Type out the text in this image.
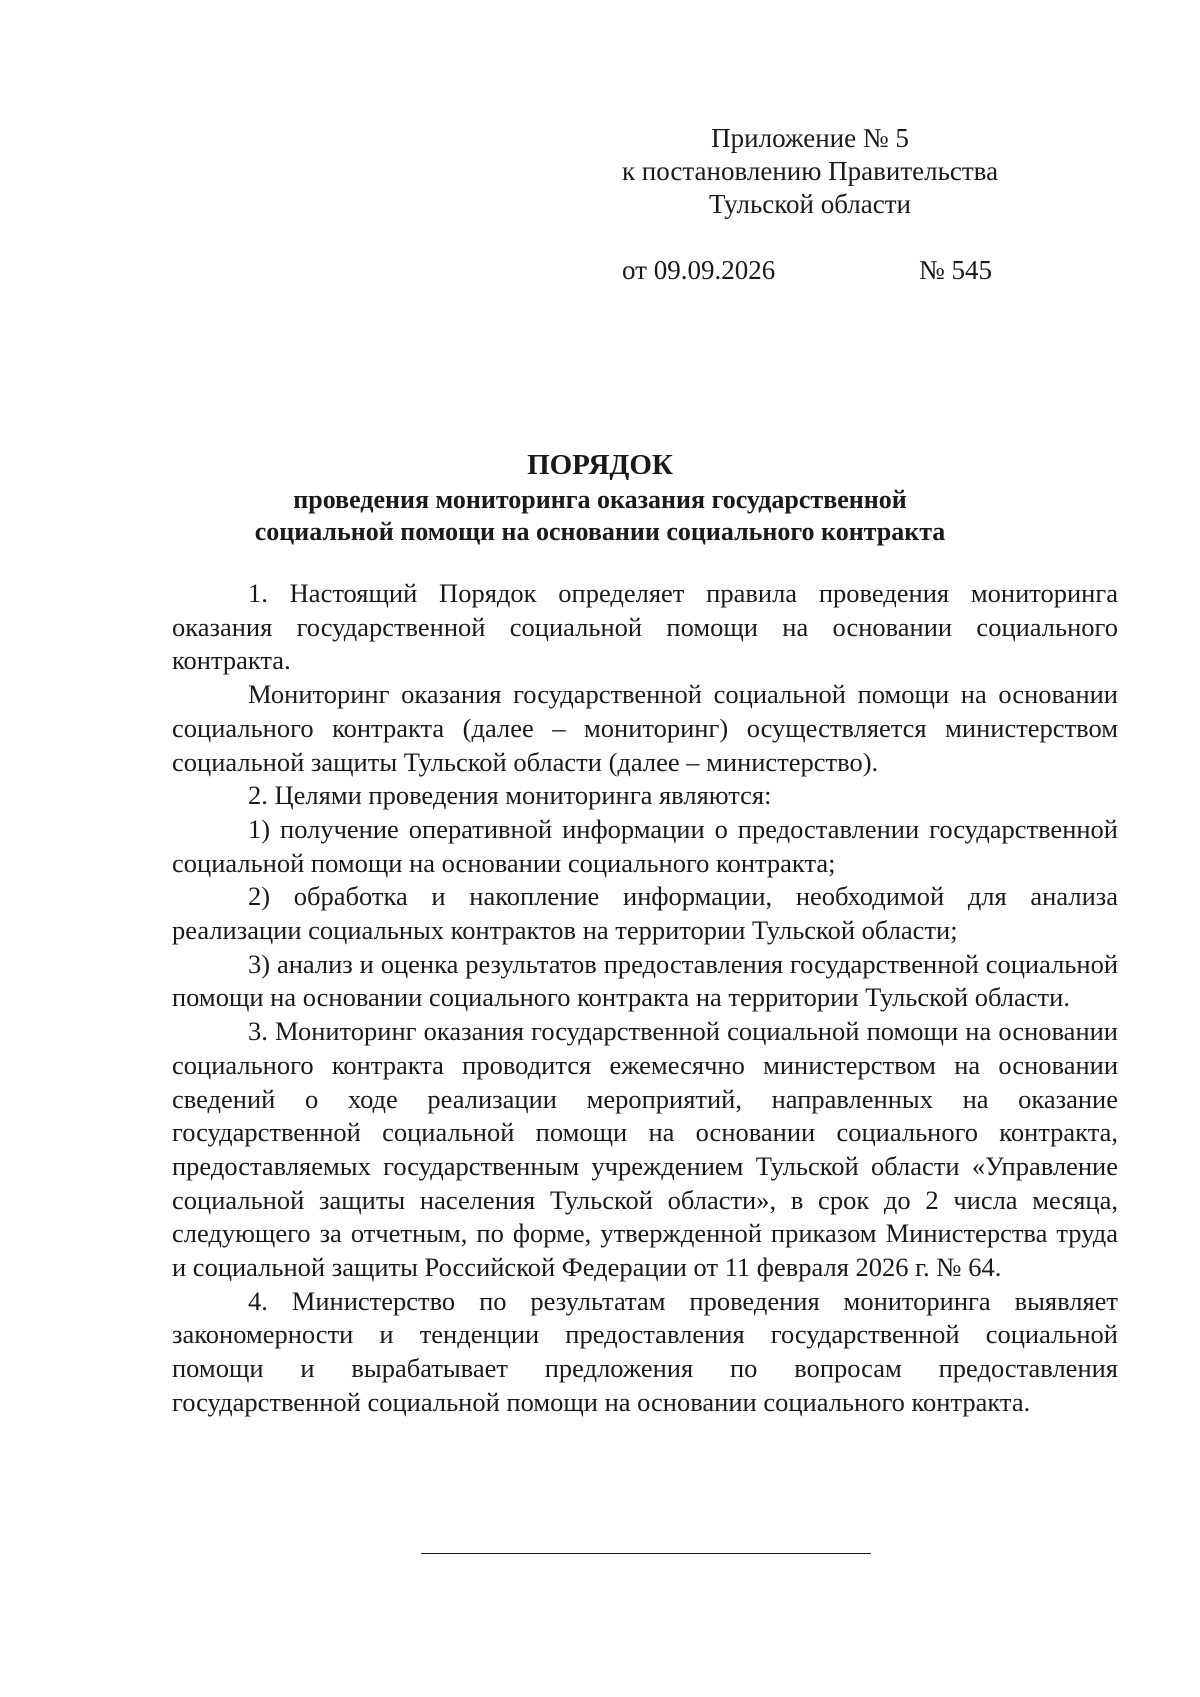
Приложение № 5
к постановлению Правительства
Тульской области
от 09.09.2026	№ 545
ПОРЯДОК
проведения мониторинга оказания государственной
социальной помощи на основании социального контракта

1. Настоящий Порядок определяет правила проведения мониторинга оказания государственной социальной помощи на основании социального контракта.

Мониторинг оказания государственной социальной помощи на основании социального контракта (далее – мониторинг) осуществляется министерством социальной защиты Тульской области (далее – министерство).

2. Целями проведения мониторинга являются:

1) получение оперативной информации о предоставлении государственной социальной помощи на основании социального контракта;

2) обработка и накопление информации, необходимой для анализа реализации социальных контрактов на территории Тульской области;

3) анализ и оценка результатов предоставления государственной социальной помощи на основании социального контракта на территории Тульской области.

3. Мониторинг оказания государственной социальной помощи на основании социального контракта проводится ежемесячно министерством на основании сведений о ходе реализации мероприятий, направленных на оказание государственной социальной помощи на основании социального контракта, предоставляемых государственным учреждением Тульской области «Управление социальной защиты населения Тульской области», в срок до 2 числа месяца, следующего за отчетным, по форме, утвержденной приказом Министерства труда и социальной защиты Российской Федерации от 11 февраля 2026 г. № 64.

4. Министерство по результатам проведения мониторинга выявляет закономерности и тенденции предоставления государственной социальной помощи и вырабатывает предложения по вопросам предоставления государственной социальной помощи на основании социального контракта.
